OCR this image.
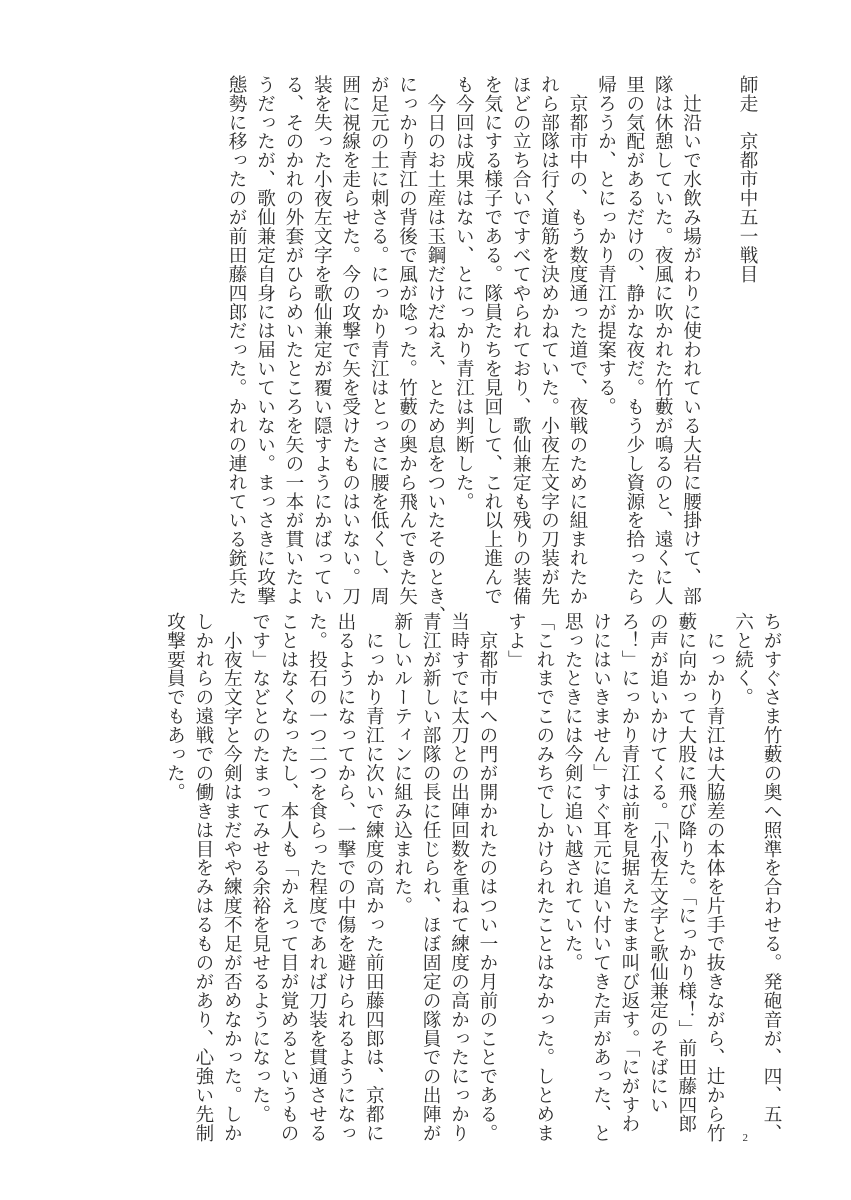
師走　京都市中五一戦目
　辻沿いで水飲み場がわりに使われている大岩に腰掛けて、部
隊は休憩していた。夜風に吹かれた竹藪が鳴るのと、遠くに人
里の気配があるだけの、静かな夜だ。もう少し資源を拾ったら
帰ろうか、とにっかり青江が提案する。
　京都市中の、もう数度通った道で、夜戦のために組まれたか
れら部隊は行く道筋を決めかねていた。小夜左文字の刀装が先
ほどの立ち合いですべてやられており、歌仙兼定も残りの装備
を気にする様子である。隊員たちを見回して、これ以上進んで
も今回は成果はない、とにっかり青江は判断した。
　今日のお土産は玉鋼だけだねえ、とため息をついたそのとき、
にっかり青江の背後で風が唸った。竹藪の奥から飛んできた矢
が足元の土に刺さる。にっかり青江はとっさに腰を低くし、周
囲に視線を走らせた。今の攻撃で矢を受けたものはいない。刀
装を失った小夜左文字を歌仙兼定が覆い隠すようにかばってい
る、そのかれの外套がひらめいたところを矢の一本が貫いたよ
うだったが、歌仙兼定自身には届いていない。まっさきに攻撃
態勢に移ったのが前田藤四郎だった。かれの連れている銃兵た
ちがすぐさま竹藪の奥へ照準を合わせる。発砲音が、四、五、
六と続く。
　にっかり青江は大脇差の本体を片手で抜きながら、辻から竹
藪に向かって大股に飛び降りた。「にっかり様！」前田藤四郎
の声が追いかけてくる。「小夜左文字と歌仙兼定のそばにい
ろ！」にっかり青江は前を見据えたまま叫び返す。「にがすわ
けにはいきません」すぐ耳元に追い付いてきた声があった、と
思ったときには今剣に追い越されていた。
「これまでこのみちでしかけられたことはなかった。しとめま
すよ」
　京都市中への門が開かれたのはつい一か月前のことである。
当時すでに太刀との出陣回数を重ねて練度の高かったにっかり
青江が新しい部隊の長に任じられ、ほぼ固定の隊員での出陣が
新しいルーティンに組み込まれた。
　にっかり青江に次いで練度の高かった前田藤四郎は、京都に
出るようになってから、一撃での中傷を避けられるようになっ
た。投石の一つ二つを食らった程度であれば刀装を貫通させる
ことはなくなったし、本人も「かえって目が覚めるというもの
です」などとのたまってみせる余裕を見せるようになった。
　小夜左文字と今剣はまだやや練度不足が否めなかった。しか
しかれらの遠戦での働きは目をみはるものがあり、心強い先制
攻撃要員でもあった。
2
